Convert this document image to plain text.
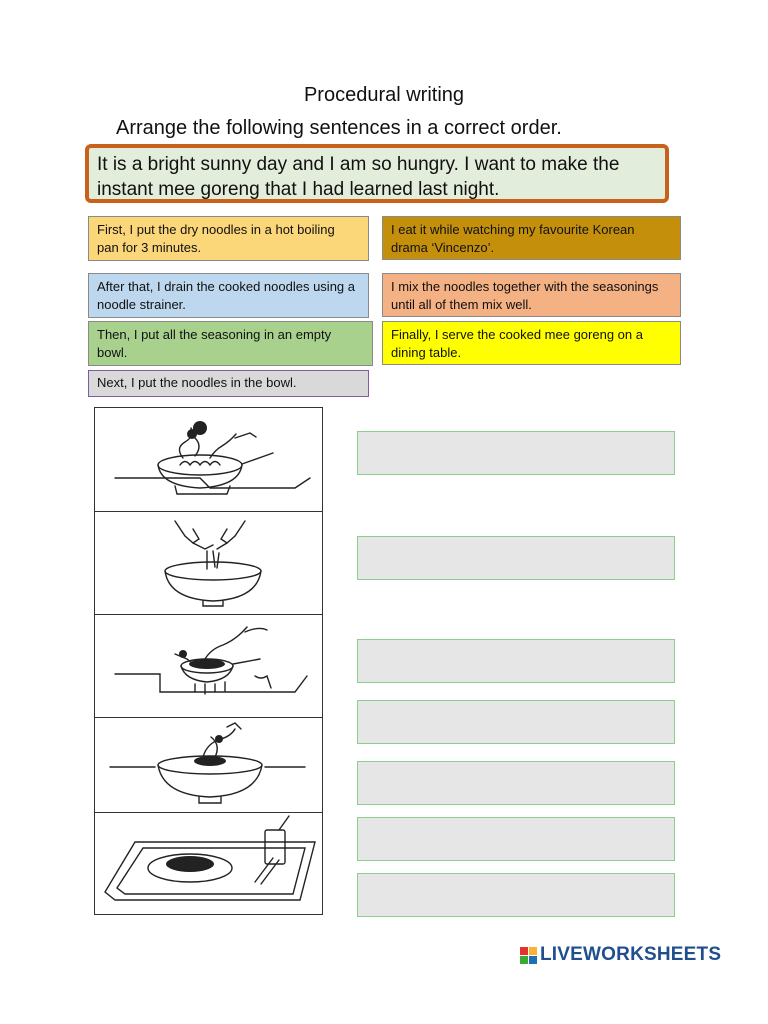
Procedural writing
Arrange the following sentences in a correct order.
It is a bright sunny day and I am so hungry. I want to make the instant mee goreng that I had learned last night.
First, I put the dry noodles in a hot boiling pan for 3 minutes.
I eat it while watching my favourite Korean drama ‘Vincenzo’.
After that, I drain the cooked noodles using a noodle strainer.
I mix the noodles together with the seasonings until all of them mix well.
Then, I put all the seasoning in an empty bowl.
Finally, I serve the cooked mee goreng on a dining table.
Next, I put the noodles in the bowl.
LIVEWORKSHEETS
